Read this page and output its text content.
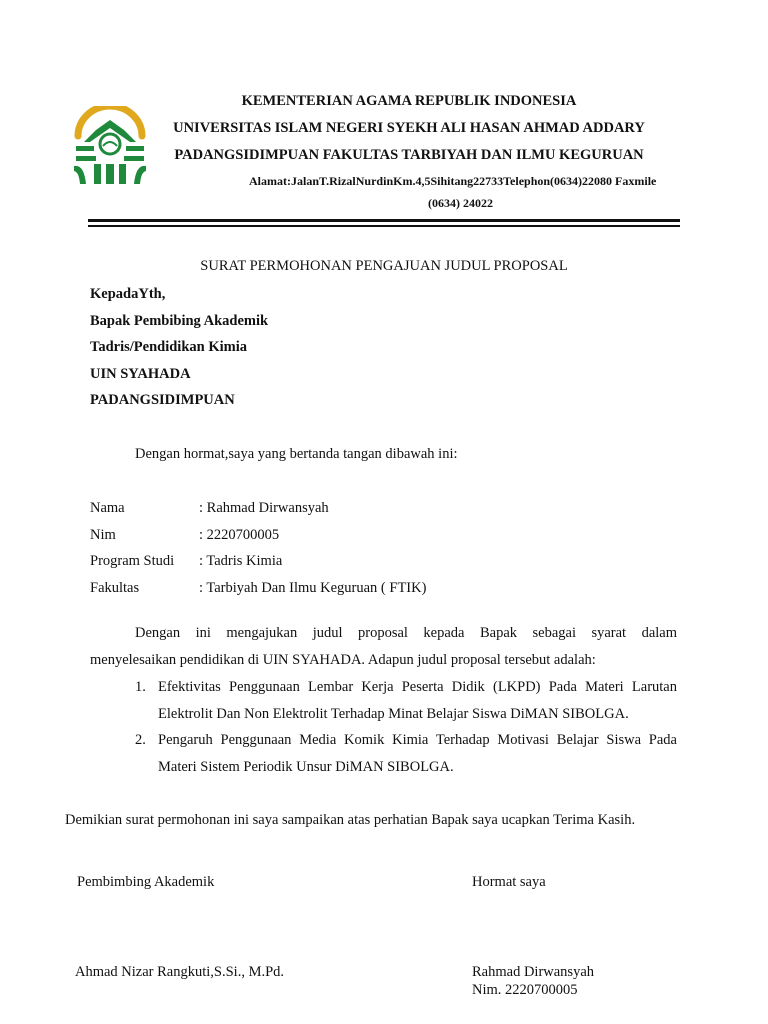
KEMENTERIAN AGAMA REPUBLIK INDONESIA
UNIVERSITAS ISLAM NEGERI SYEKH ALI HASAN AHMAD ADDARY
PADANGSIDIMPUAN FAKULTAS TARBIYAH DAN ILMU KEGURUAN
Alamat:JalanT.RizalNurdinKm.4,5Sihitang22733Telephon(0634)22080 Faxmile
(0634) 24022
SURAT PERMOHONAN PENGAJUAN JUDUL PROPOSAL
KepadaYth,
Bapak Pembibing Akademik
Tadris/Pendidikan Kimia
UIN SYAHADA
PADANGSIDIMPUAN
Dengan hormat,saya yang bertanda tangan dibawah ini:
Nama	: Rahmad Dirwansyah
Nim	: 2220700005
Program Studi : Tadris Kimia
Fakultas	: Tarbiyah Dan Ilmu Keguruan ( FTIK)
Dengan ini mengajukan judul proposal kepada Bapak sebagai syarat dalam
menyelesaikan pendidikan di UIN SYAHADA. Adapun judul proposal tersebut adalah:
1. Efektivitas Penggunaan Lembar Kerja Peserta Didik (LKPD) Pada Materi Larutan
Elektrolit Dan Non Elektrolit Terhadap Minat Belajar Siswa DiMAN SIBOLGA.
2. Pengaruh Penggunaan Media Komik Kimia Terhadap Motivasi Belajar Siswa Pada
Materi Sistem Periodik Unsur DiMAN SIBOLGA.
Demikian surat permohonan ini saya sampaikan atas perhatian Bapak saya ucapkan Terima Kasih.
Pembimbing Akademik	Hormat saya
Ahmad Nizar Rangkuti,S.Si., M.Pd.	Rahmad Dirwansyah
Nim. 2220700005
